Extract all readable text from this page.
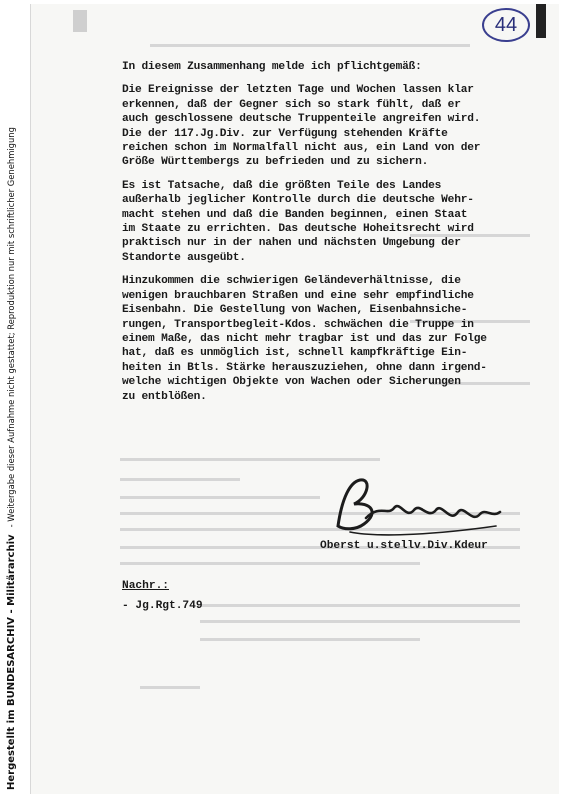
Hergestellt im BUNDESARCHIV - Militärarchiv - Weitergabe dieser Aufnahme nicht gestattet; Reproduktion nur mit schriftlicher Genehmigung
44
In diesem Zusammenhang melde ich pflichtgemäß:
Die Ereignisse der letzten Tage und Wochen lassen klar
erkennen, daß der Gegner sich so stark fühlt, daß er
auch geschlossene deutsche Truppenteile angreifen wird.
Die der 117.Jg.Div. zur Verfügung stehenden Kräfte
reichen schon im Normalfall nicht aus, ein Land von der
Größe Württembergs zu befrieden und zu sichern.
Es ist Tatsache, daß die größten Teile des Landes
außerhalb jeglicher Kontrolle durch die deutsche Wehr-
macht stehen und daß die Banden beginnen, einen Staat
im Staate zu errichten. Das deutsche Hoheitsrecht wird
praktisch nur in der nahen und nächsten Umgebung der
Standorte ausgeübt.
Hinzukommen die schwierigen Geländeverhältnisse, die
wenigen brauchbaren Straßen und eine sehr empfindliche
Eisenbahn. Die Gestellung von Wachen, Eisenbahnsiche-
rungen, Transportbegleit-Kdos. schwächen die Truppe in
einem Maße, das nicht mehr tragbar ist und das zur Folge
hat, daß es unmöglich ist, schnell kampfkräftige Ein-
heiten in Btls. Stärke herauszuziehen, ohne dann irgend-
welche wichtigen Objekte von Wachen oder Sicherungen
zu entblößen.
Oberst u.stellv.Div.Kdeur
Nachr.:
- Jg.Rgt.749
